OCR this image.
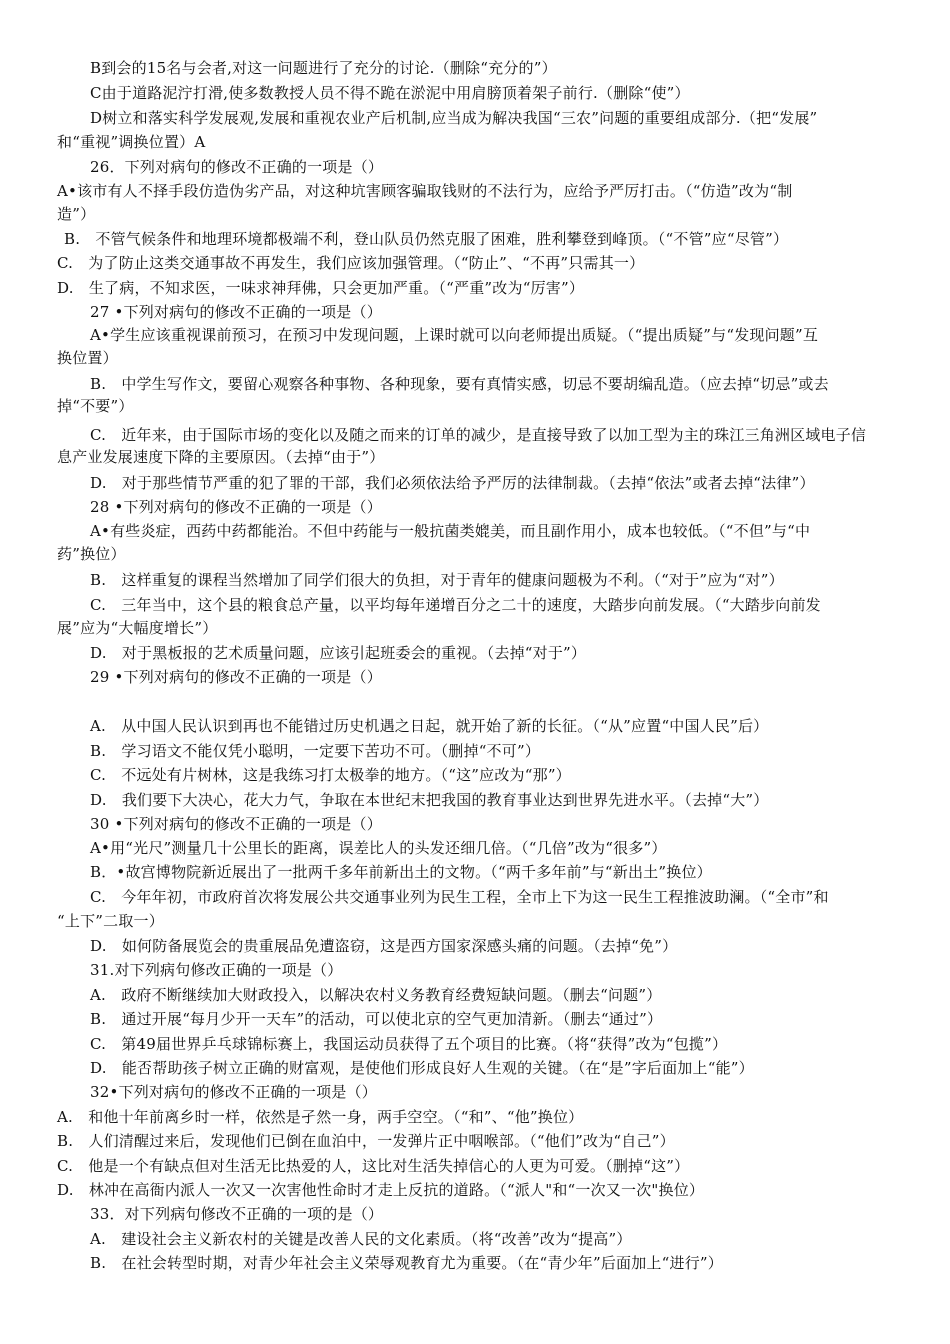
B到会的15名与会者,对这一问题进行了充分的讨论.（删除“充分的”）
C由于道路泥泞打滑,使多数教授人员不得不跪在淤泥中用肩膀顶着架子前行.（删除“使”）
D树立和落实科学发展观,发展和重视农业产后机制,应当成为解决我国“三农”问题的重要组成部分.（把“发展”
和“重视”调换位置）A
26．下列对病句的修改不正确的一项是（）
A•该市有人不择手段仿造伪劣产品，对这种坑害顾客骗取钱财的不法行为，应给予严厉打击。（“仿造”改为“制
造”）
B.　不管气候条件和地理环境都极端不利，登山队员仍然克服了困难，胜利攀登到峰顶。（“不管”应“尽管”）
C.　为了防止这类交通事故不再发生，我们应该加强管理。（“防止”、“不再”只需其一）
D.　生了病，不知求医，一味求神拜佛，只会更加严重。（“严重”改为“厉害”）
27 •下列对病句的修改不正确的一项是（）
A•学生应该重视课前预习，在预习中发现问题，上课时就可以向老师提出质疑。（“提出质疑”与“发现问题”互
换位置）
B.　中学生写作文，要留心观察各种事物、各种现象，要有真情实感，切忌不要胡编乱造。（应去掉“切忌”或去
掉“不要”）
C.　近年来，由于国际市场的变化以及随之而来的订单的减少，是直接导致了以加工型为主的珠江三角洲区域电子信
息产业发展速度下降的主要原因。（去掉“由于”）
D.　对于那些情节严重的犯了罪的干部，我们必须依法给予严厉的法律制裁。（去掉“依法”或者去掉“法律”）
28 •下列对病句的修改不正确的一项是（）
A•有些炎症，西药中药都能治。不但中药能与一般抗菌类媲美，而且副作用小，成本也较低。（“不但”与“中
药”换位）
B.　这样重复的课程当然增加了同学们很大的负担，对于青年的健康问题极为不利。（“对于”应为“对”）
C.　三年当中，这个县的粮食总产量，以平均每年递增百分之二十的速度，大踏步向前发展。（“大踏步向前发
展”应为“大幅度增长”）
D.　对于黑板报的艺术质量问题，应该引起班委会的重视。（去掉“对于”）
29 •下列对病句的修改不正确的一项是（）
A.　从中国人民认识到再也不能错过历史机遇之日起，就开始了新的长征。（“从”应置“中国人民”后）
B.　学习语文不能仅凭小聪明，一定要下苦功不可。（删掉“不可”）
C.　不远处有片树林，这是我练习打太极拳的地方。（“这”应改为“那”）
D.　我们要下大决心，花大力气，争取在本世纪末把我国的教育事业达到世界先进水平。（去掉“大”）
30 •下列对病句的修改不正确的一项是（）
A•用“光尺”测量几十公里长的距离，误差比人的头发还细几倍。（“几倍”改为“很多”）
B．•故宫博物院新近展出了一批两千多年前新出土的文物。（“两千多年前”与“新出土”换位）
C.　今年年初，市政府首次将发展公共交通事业列为民生工程，全市上下为这一民生工程推波助澜。（“全市”和
“上下”二取一）
D.　如何防备展览会的贵重展品免遭盗窃，这是西方国家深感头痛的问题。（去掉“免”）
31.对下列病句修改正确的一项是（）
A.　政府不断继续加大财政投入，以解决农村义务教育经费短缺问题。（删去“问题”）
B.　通过开展“每月少开一天车”的活动，可以使北京的空气更加清新。（删去“通过”）
C.　第49届世界乒乓球锦标赛上，我国运动员获得了五个项目的比赛。（将“获得”改为“包揽”）
D.　能否帮助孩子树立正确的财富观，是使他们形成良好人生观的关键。（在“是”字后面加上“能”）
32•下列对病句的修改不正确的一项是（）
A.　和他十年前离乡时一样，依然是孑然一身，两手空空。（“和”、“他”换位）
B.　人们清醒过来后，发现他们已倒在血泊中，一发弹片正中咽喉部。（“他们”改为“自己”）
C.　他是一个有缺点但对生活无比热爱的人，这比对生活失掉信心的人更为可爱。（删掉“这”）
D.　林冲在高衙内派人一次又一次害他性命时才走上反抗的道路。（“派人"和“一次又一次"换位）
33．对下列病句修改不正确的一项的是（）
A.　建设社会主义新农村的关键是改善人民的文化素质。（将“改善”改为“提高”）
B.　在社会转型时期，对青少年社会主义荣辱观教育尤为重要。（在“青少年”后面加上“进行”）
